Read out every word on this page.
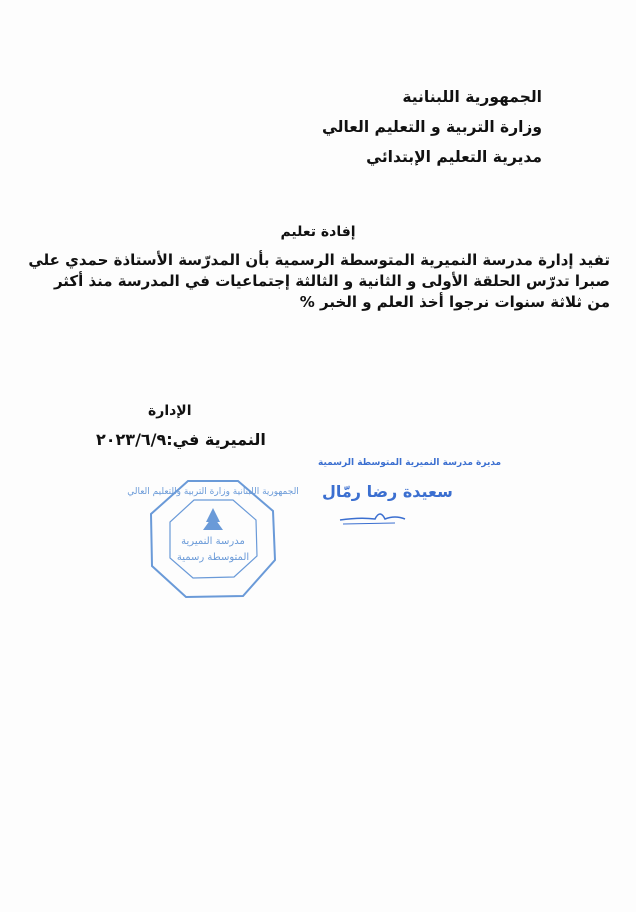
الجمهورية اللبنانية
وزارة التربية و التعليم العالي
مديرية التعليم الإبتدائي
إفادة تعليم
تفيد إدارة مدرسة النميرية المتوسطة الرسمية بأن المدرّسة الأستاذة حمدي علي
صبرا تدرّس الحلقة الأولى و الثانية و الثالثة إجتماعيات في المدرسة منذ أكثر
من ثلاثة سنوات نرجوا أخذ العلم و الخبر %
الإدارة
النميرية في:٢٠٢٣/٦/٩
مديرة مدرسة النميرية المتوسطة الرسمية
سعيدة رضا رمّال
الجمهورية اللبنانية وزارة التربية والتعليم العالي
مدرسة النميرية
المتوسطة رسمية
